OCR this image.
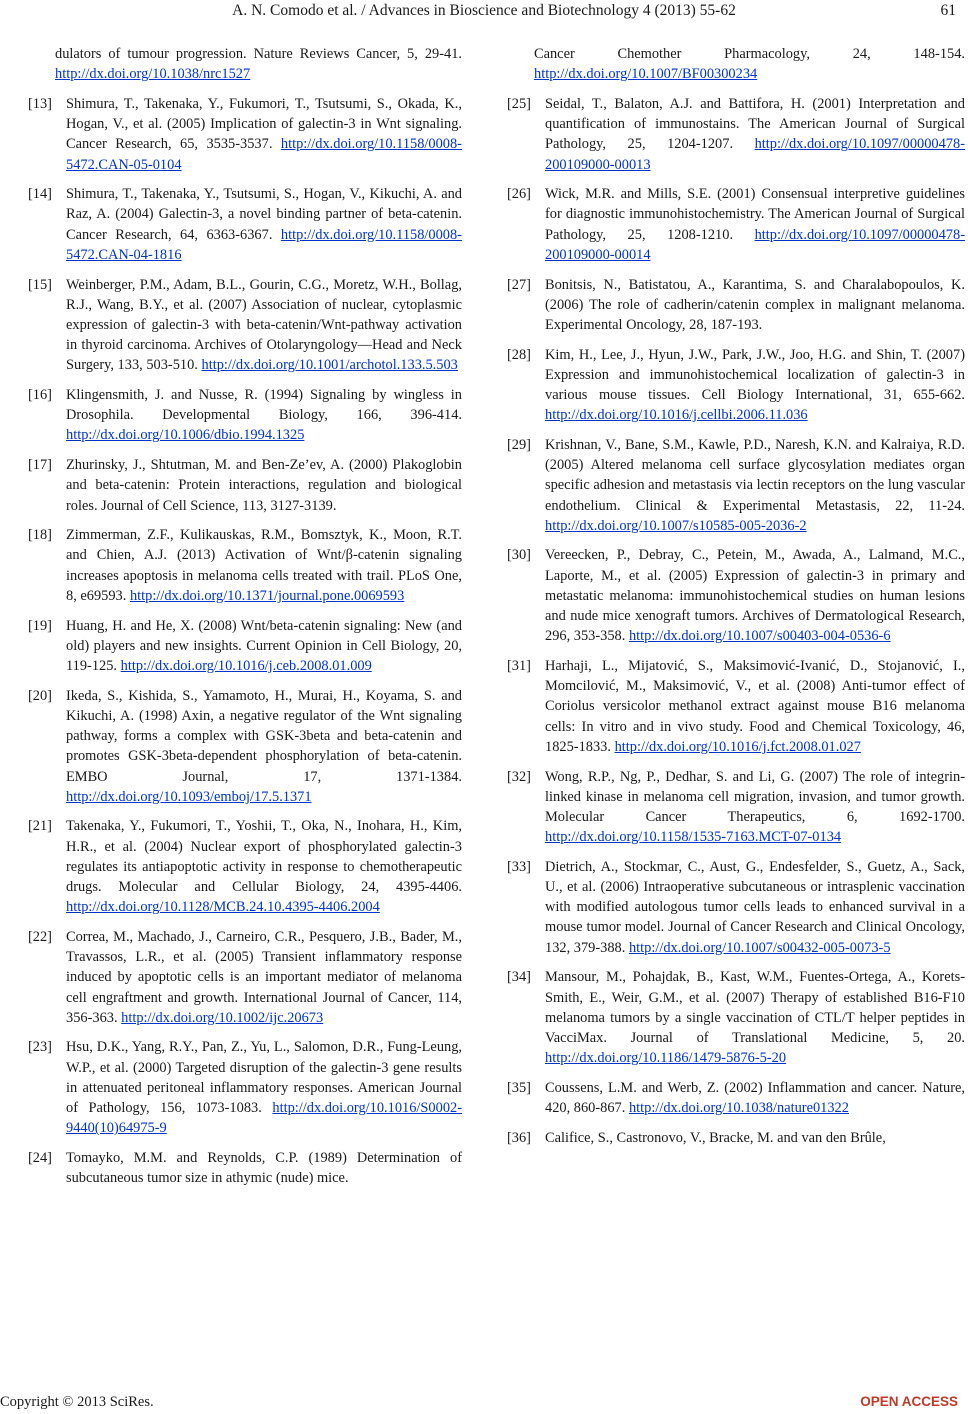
A. N. Comodo et al. / Advances in Bioscience and Biotechnology 4 (2013) 55-62	61
dulators of tumour progression. Nature Reviews Cancer, 5, 29-41. http://dx.doi.org/10.1038/nrc1527
[13] Shimura, T., Takenaka, Y., Fukumori, T., Tsutsumi, S., Okada, K., Hogan, V., et al. (2005) Implication of galectin-3 in Wnt signaling. Cancer Research, 65, 3535-3537. http://dx.doi.org/10.1158/0008-5472.CAN-05-0104
[14] Shimura, T., Takenaka, Y., Tsutsumi, S., Hogan, V., Kikuchi, A. and Raz, A. (2004) Galectin-3, a novel binding partner of beta-catenin. Cancer Research, 64, 6363-6367. http://dx.doi.org/10.1158/0008-5472.CAN-04-1816
[15] Weinberger, P.M., Adam, B.L., Gourin, C.G., Moretz, W.H., Bollag, R.J., Wang, B.Y., et al. (2007) Association of nuclear, cytoplasmic expression of galectin-3 with beta-catenin/Wnt-pathway activation in thyroid carcinoma. Archives of Otolaryngology—Head and Neck Surgery, 133, 503-510. http://dx.doi.org/10.1001/archotol.133.5.503
[16] Klingensmith, J. and Nusse, R. (1994) Signaling by wingless in Drosophila. Developmental Biology, 166, 396-414. http://dx.doi.org/10.1006/dbio.1994.1325
[17] Zhurinsky, J., Shtutman, M. and Ben-Ze’ev, A. (2000) Plakoglobin and beta-catenin: Protein interactions, regulation and biological roles. Journal of Cell Science, 113, 3127-3139.
[18] Zimmerman, Z.F., Kulikauskas, R.M., Bomsztyk, K., Moon, R.T. and Chien, A.J. (2013) Activation of Wnt/β-catenin signaling increases apoptosis in melanoma cells treated with trail. PLoS One, 8, e69593. http://dx.doi.org/10.1371/journal.pone.0069593
[19] Huang, H. and He, X. (2008) Wnt/beta-catenin signaling: New (and old) players and new insights. Current Opinion in Cell Biology, 20, 119-125. http://dx.doi.org/10.1016/j.ceb.2008.01.009
[20] Ikeda, S., Kishida, S., Yamamoto, H., Murai, H., Koyama, S. and Kikuchi, A. (1998) Axin, a negative regulator of the Wnt signaling pathway, forms a complex with GSK-3beta and beta-catenin and promotes GSK-3beta-dependent phosphorylation of beta-catenin. EMBO Journal, 17, 1371-1384. http://dx.doi.org/10.1093/emboj/17.5.1371
[21] Takenaka, Y., Fukumori, T., Yoshii, T., Oka, N., Inohara, H., Kim, H.R., et al. (2004) Nuclear export of phosphorylated galectin-3 regulates its antiapoptotic activity in response to chemotherapeutic drugs. Molecular and Cellular Biology, 24, 4395-4406. http://dx.doi.org/10.1128/MCB.24.10.4395-4406.2004
[22] Correa, M., Machado, J., Carneiro, C.R., Pesquero, J.B., Bader, M., Travassos, L.R., et al. (2005) Transient inflammatory response induced by apoptotic cells is an important mediator of melanoma cell engraftment and growth. International Journal of Cancer, 114, 356-363. http://dx.doi.org/10.1002/ijc.20673
[23] Hsu, D.K., Yang, R.Y., Pan, Z., Yu, L., Salomon, D.R., Fung-Leung, W.P., et al. (2000) Targeted disruption of the galectin-3 gene results in attenuated peritoneal inflammatory responses. American Journal of Pathology, 156, 1073-1083. http://dx.doi.org/10.1016/S0002-9440(10)64975-9
[24] Tomayko, M.M. and Reynolds, C.P. (1989) Determination of subcutaneous tumor size in athymic (nude) mice.
Cancer Chemother Pharmacology, 24, 148-154. http://dx.doi.org/10.1007/BF00300234
[25] Seidal, T., Balaton, A.J. and Battifora, H. (2001) Interpretation and quantification of immunostains. The American Journal of Surgical Pathology, 25, 1204-1207. http://dx.doi.org/10.1097/00000478-200109000-00013
[26] Wick, M.R. and Mills, S.E. (2001) Consensual interpretive guidelines for diagnostic immunohistochemistry. The American Journal of Surgical Pathology, 25, 1208-1210. http://dx.doi.org/10.1097/00000478-200109000-00014
[27] Bonitsis, N., Batistatou, A., Karantima, S. and Charalabopoulos, K. (2006) The role of cadherin/catenin complex in malignant melanoma. Experimental Oncology, 28, 187-193.
[28] Kim, H., Lee, J., Hyun, J.W., Park, J.W., Joo, H.G. and Shin, T. (2007) Expression and immunohistochemical localization of galectin-3 in various mouse tissues. Cell Biology International, 31, 655-662. http://dx.doi.org/10.1016/j.cellbi.2006.11.036
[29] Krishnan, V., Bane, S.M., Kawle, P.D., Naresh, K.N. and Kalraiya, R.D. (2005) Altered melanoma cell surface glycosylation mediates organ specific adhesion and metastasis via lectin receptors on the lung vascular endothelium. Clinical & Experimental Metastasis, 22, 11-24. http://dx.doi.org/10.1007/s10585-005-2036-2
[30] Vereecken, P., Debray, C., Petein, M., Awada, A., Lalmand, M.C., Laporte, M., et al. (2005) Expression of galectin-3 in primary and metastatic melanoma: immunohistochemical studies on human lesions and nude mice xenograft tumors. Archives of Dermatological Research, 296, 353-358. http://dx.doi.org/10.1007/s00403-004-0536-6
[31] Harhaji, L., Mijatović, S., Maksimović-Ivanić, D., Stojanović, I., Momcilović, M., Maksimović, V., et al. (2008) Anti-tumor effect of Coriolus versicolor methanol extract against mouse B16 melanoma cells: In vitro and in vivo study. Food and Chemical Toxicology, 46, 1825-1833. http://dx.doi.org/10.1016/j.fct.2008.01.027
[32] Wong, R.P., Ng, P., Dedhar, S. and Li, G. (2007) The role of integrin-linked kinase in melanoma cell migration, invasion, and tumor growth. Molecular Cancer Therapeutics, 6, 1692-1700. http://dx.doi.org/10.1158/1535-7163.MCT-07-0134
[33] Dietrich, A., Stockmar, C., Aust, G., Endesfelder, S., Guetz, A., Sack, U., et al. (2006) Intraoperative subcutaneous or intrasplenic vaccination with modified autologous tumor cells leads to enhanced survival in a mouse tumor model. Journal of Cancer Research and Clinical Oncology, 132, 379-388. http://dx.doi.org/10.1007/s00432-005-0073-5
[34] Mansour, M., Pohajdak, B., Kast, W.M., Fuentes-Ortega, A., Korets-Smith, E., Weir, G.M., et al. (2007) Therapy of established B16-F10 melanoma tumors by a single vaccination of CTL/T helper peptides in VacciMax. Journal of Translational Medicine, 5, 20. http://dx.doi.org/10.1186/1479-5876-5-20
[35] Coussens, L.M. and Werb, Z. (2002) Inflammation and cancer. Nature, 420, 860-867. http://dx.doi.org/10.1038/nature01322
[36] Califice, S., Castronovo, V., Bracke, M. and van den Brûle,
Copyright © 2013 SciRes.	OPEN ACCESS
